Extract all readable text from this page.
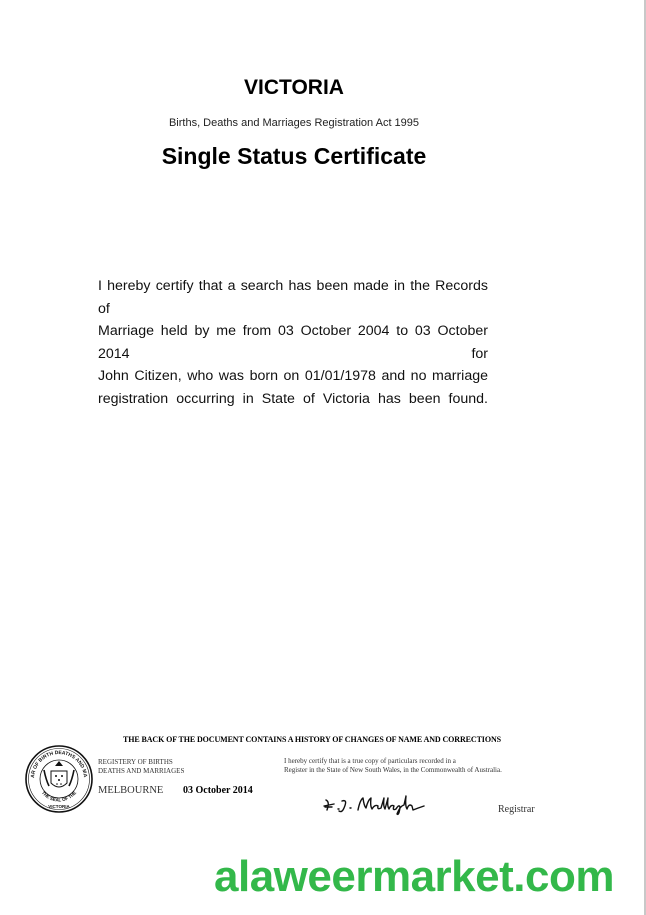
VICTORIA
Births, Deaths and Marriages Registration Act 1995
Single Status Certificate
I hereby certify that a search has been made in the Records of
Marriage held by me from 03 October 2004 to 03 October 2014 for
John Citizen, who was born on 01/01/1978 and no marriage
registration occurring in State of Victoria has been found.
THE BACK OF THE DOCUMENT CONTAINS A HISTORY OF CHANGES OF NAME AND CORRECTIONS
AR OF BIRTH DEATHS AND MA
THE SEAL OF THE
VICTORIA
REGISTERY OF BIRTHS
DEATHS AND MARRIAGES
MELBOURNE 03 October 2014
I hereby certify that is a true copy of particulars recorded in a
Register in the State of New South Wales, in the Commonwealth of Australia.
Registrar
alaweermarket.com
